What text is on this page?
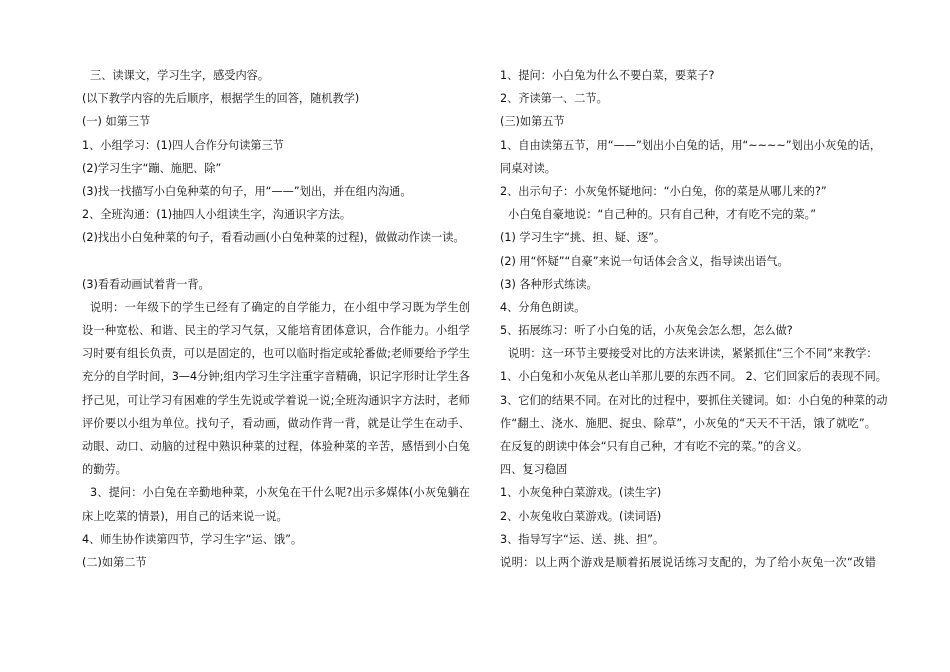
三、读课文，学习生字，感受内容。
(以下教学内容的先后顺序，根据学生的回答，随机教学)
(一) 如第三节
1、小组学习：(1)四人合作分句读第三节
(2)学习生字“蹦、施肥、除”
(3)找一找描写小白兔种菜的句子，用“——”划出，并在组内沟通。
2、全班沟通：(1)抽四人小组读生字，沟通识字方法。
(2)找出小白兔种菜的句子，看看动画(小白兔种菜的过程)，做做动作读一读。
(3)看看动画试着背一背。
说明：一年级下的学生已经有了确定的自学能力，在小组中学习既为学生创
设一种宽松、和谐、民主的学习气氛，又能培育团体意识，合作能力。小组学
习时要有组长负责，可以是固定的，也可以临时指定或轮番做;老师要给予学生
充分的自学时间，3—4分钟;组内学习生字注重字音精确，识记字形时让学生各
抒己见，可让学习有困难的学生先说或学着说一说;全班沟通识字方法时，老师
评价要以小组为单位。找句子，看动画，做动作背一背，就是让学生在动手、
动眼、动口、动脑的过程中熟识种菜的过程，体验种菜的辛苦，感悟到小白兔
的勤劳。
3、提问：小白兔在辛勤地种菜，小灰兔在干什么呢?出示多媒体(小灰兔躺在
床上吃菜的情景)，用自己的话来说一说。
4、师生协作读第四节，学习生字“运、饿”。
(二)如第二节
1、提问：小白兔为什么不要白菜，要菜子?
2、齐读第一、二节。
(三)如第五节
1、自由读第五节，用“——”划出小白兔的话，用“~~~~”划出小灰兔的话，
同桌对读。
2、出示句子：小灰兔怀疑地问：“小白兔，你的菜是从哪儿来的?”
小白兔自豪地说：“自己种的。只有自己种，才有吃不完的菜。”
(1) 学习生字“挑、担、疑、逐”。
(2) 用“怀疑”“自豪”来说一句话体会含义，指导读出语气。
(3) 各种形式练读。
4、分角色朗读。
5、拓展练习：听了小白兔的话，小灰兔会怎么想，怎么做?
说明：这一环节主要接受对比的方法来讲读，紧紧抓住“三个不同”来教学：
1、小白兔和小灰兔从老山羊那儿要的东西不同。 2、它们回家后的表现不同。
3、它们的结果不同。在对比的过程中，要抓住关键词。如：小白兔的种菜的动
作“翻土、浇水、施肥、捉虫、除草”，小灰兔的“天天不干活，饿了就吃”。
在反复的朗读中体会“只有自己种，才有吃不完的菜。”的含义。
四、复习稳固
1、小灰兔种白菜游戏。(读生字)
2、小灰兔收白菜游戏。(读词语)
3、指导写字“运、送、挑、担”。
说明：以上两个游戏是顺着拓展说话练习支配的，为了给小灰兔一次“改错
